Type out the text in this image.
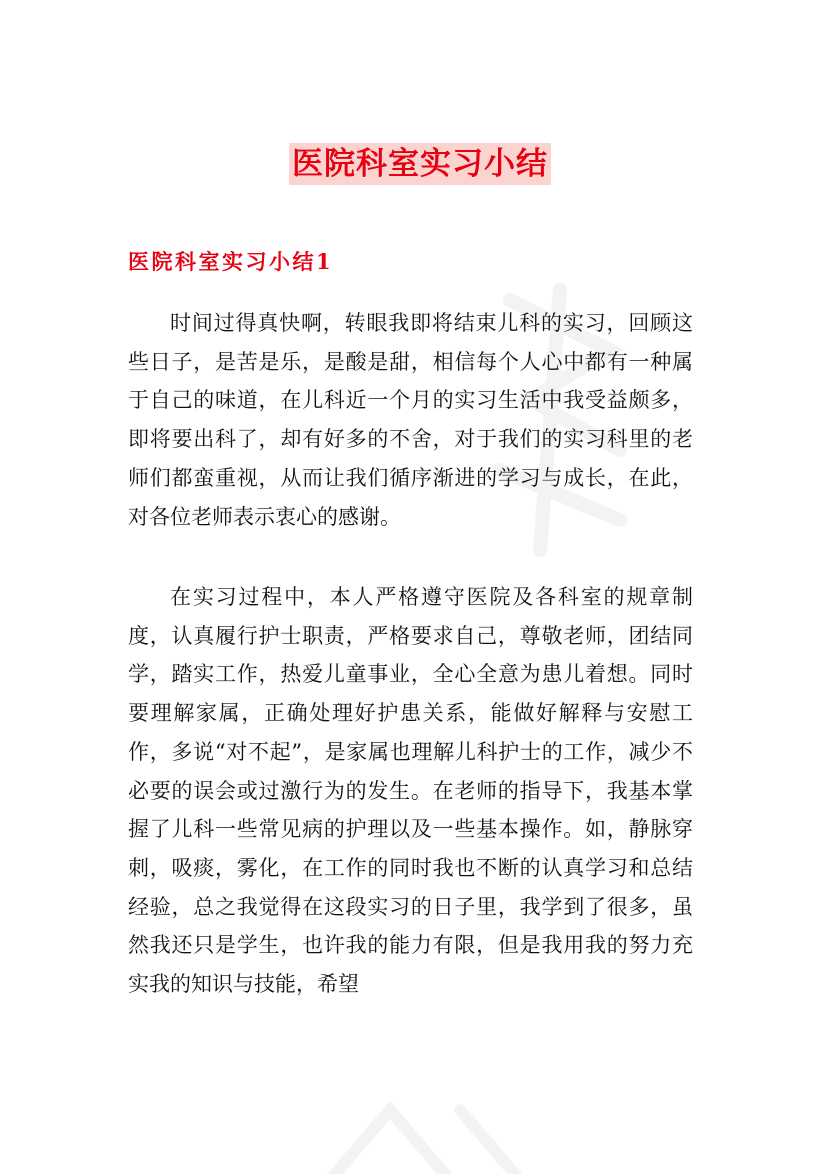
医院科室实习小结
医院科室实习小结1

时间过得真快啊，转眼我即将结束儿科的实习，回顾这些日子，是苦是乐，是酸是甜，相信每个人心中都有一种属于自己的味道，在儿科近一个月的实习生活中我受益颇多，即将要出科了，却有好多的不舍，对于我们的实习科里的老师们都蛮重视，从而让我们循序渐进的学习与成长，在此，对各位老师表示衷心的感谢。

在实习过程中，本人严格遵守医院及各科室的规章制度，认真履行护士职责，严格要求自己，尊敬老师，团结同学，踏实工作，热爱儿童事业，全心全意为患儿着想。同时要理解家属，正确处理好护患关系，能做好解释与安慰工作，多说“对不起”，是家属也理解儿科护士的工作，减少不必要的误会或过激行为的发生。在老师的指导下，我基本掌握了儿科一些常见病的护理以及一些基本操作。如，静脉穿刺，吸痰，雾化，在工作的同时我也不断的认真学习和总结经验，总之我觉得在这段实习的日子里，我学到了很多，虽然我还只是学生，也许我的能力有限，但是我用我的努力充实我的知识与技能，希望
